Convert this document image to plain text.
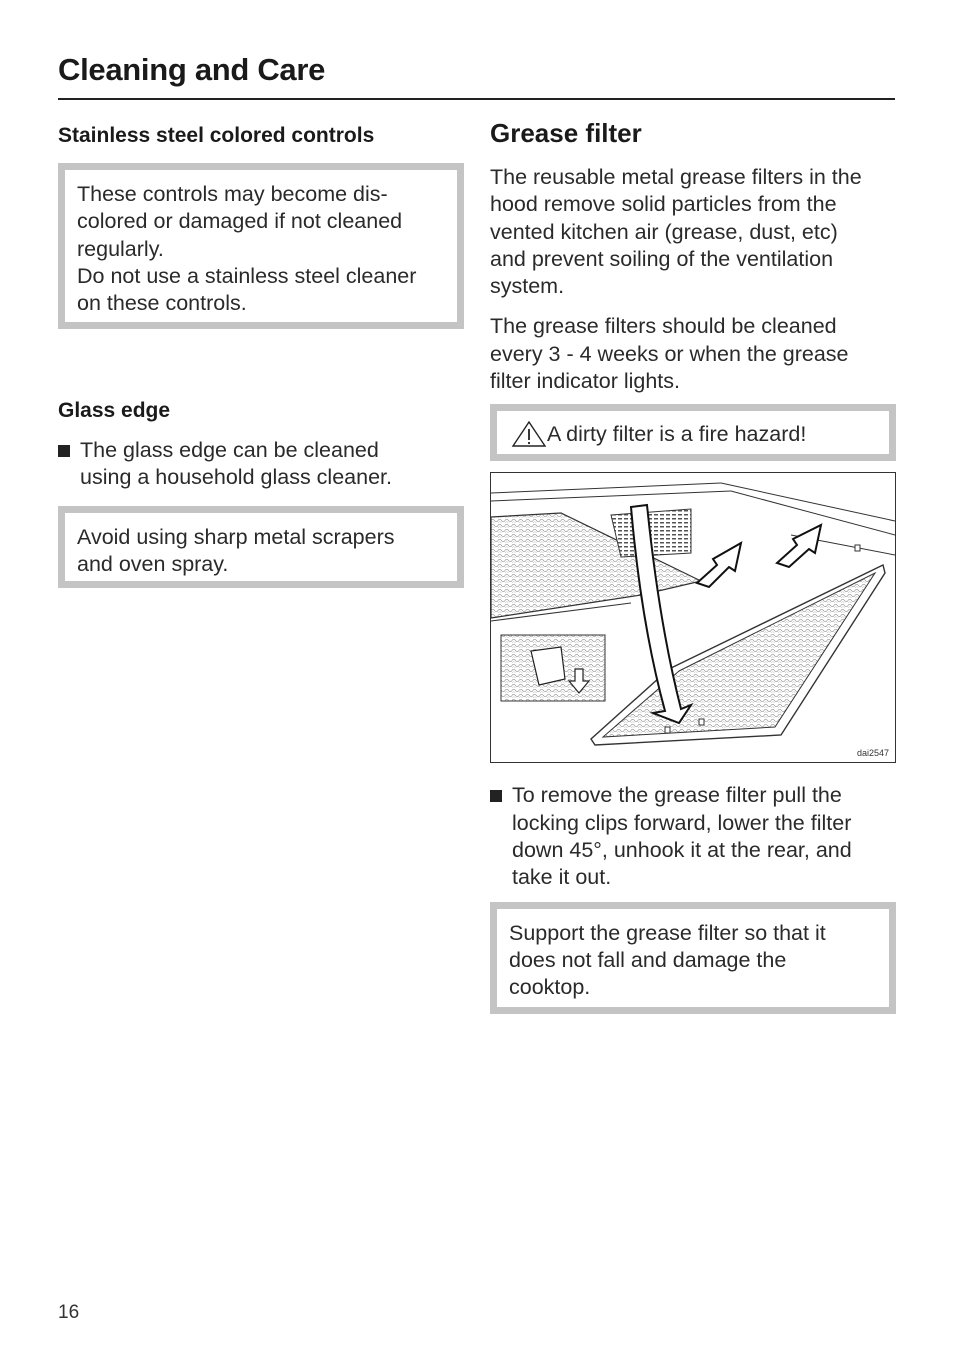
Cleaning and Care
Stainless steel colored controls
These controls may become dis-
colored or damaged if not cleaned
regularly.
Do not use a stainless steel cleaner
on these controls.
Glass edge
The glass edge can be cleaned
using a household glass cleaner.
Avoid using sharp metal scrapers
and oven spray.
Grease filter
The reusable metal grease filters in the
hood remove solid particles from the
vented kitchen air (grease, dust, etc)
and prevent soiling of the ventilation
system.
The grease filters should be cleaned
every 3 - 4 weeks or when the grease
filter indicator lights.
A dirty filter is a fire hazard!
dai2547
To remove the grease filter pull the
locking clips forward, lower the filter
down 45°, unhook it at the rear, and
take it out.
Support the grease filter so that it
does not fall and damage the
cooktop.
16
